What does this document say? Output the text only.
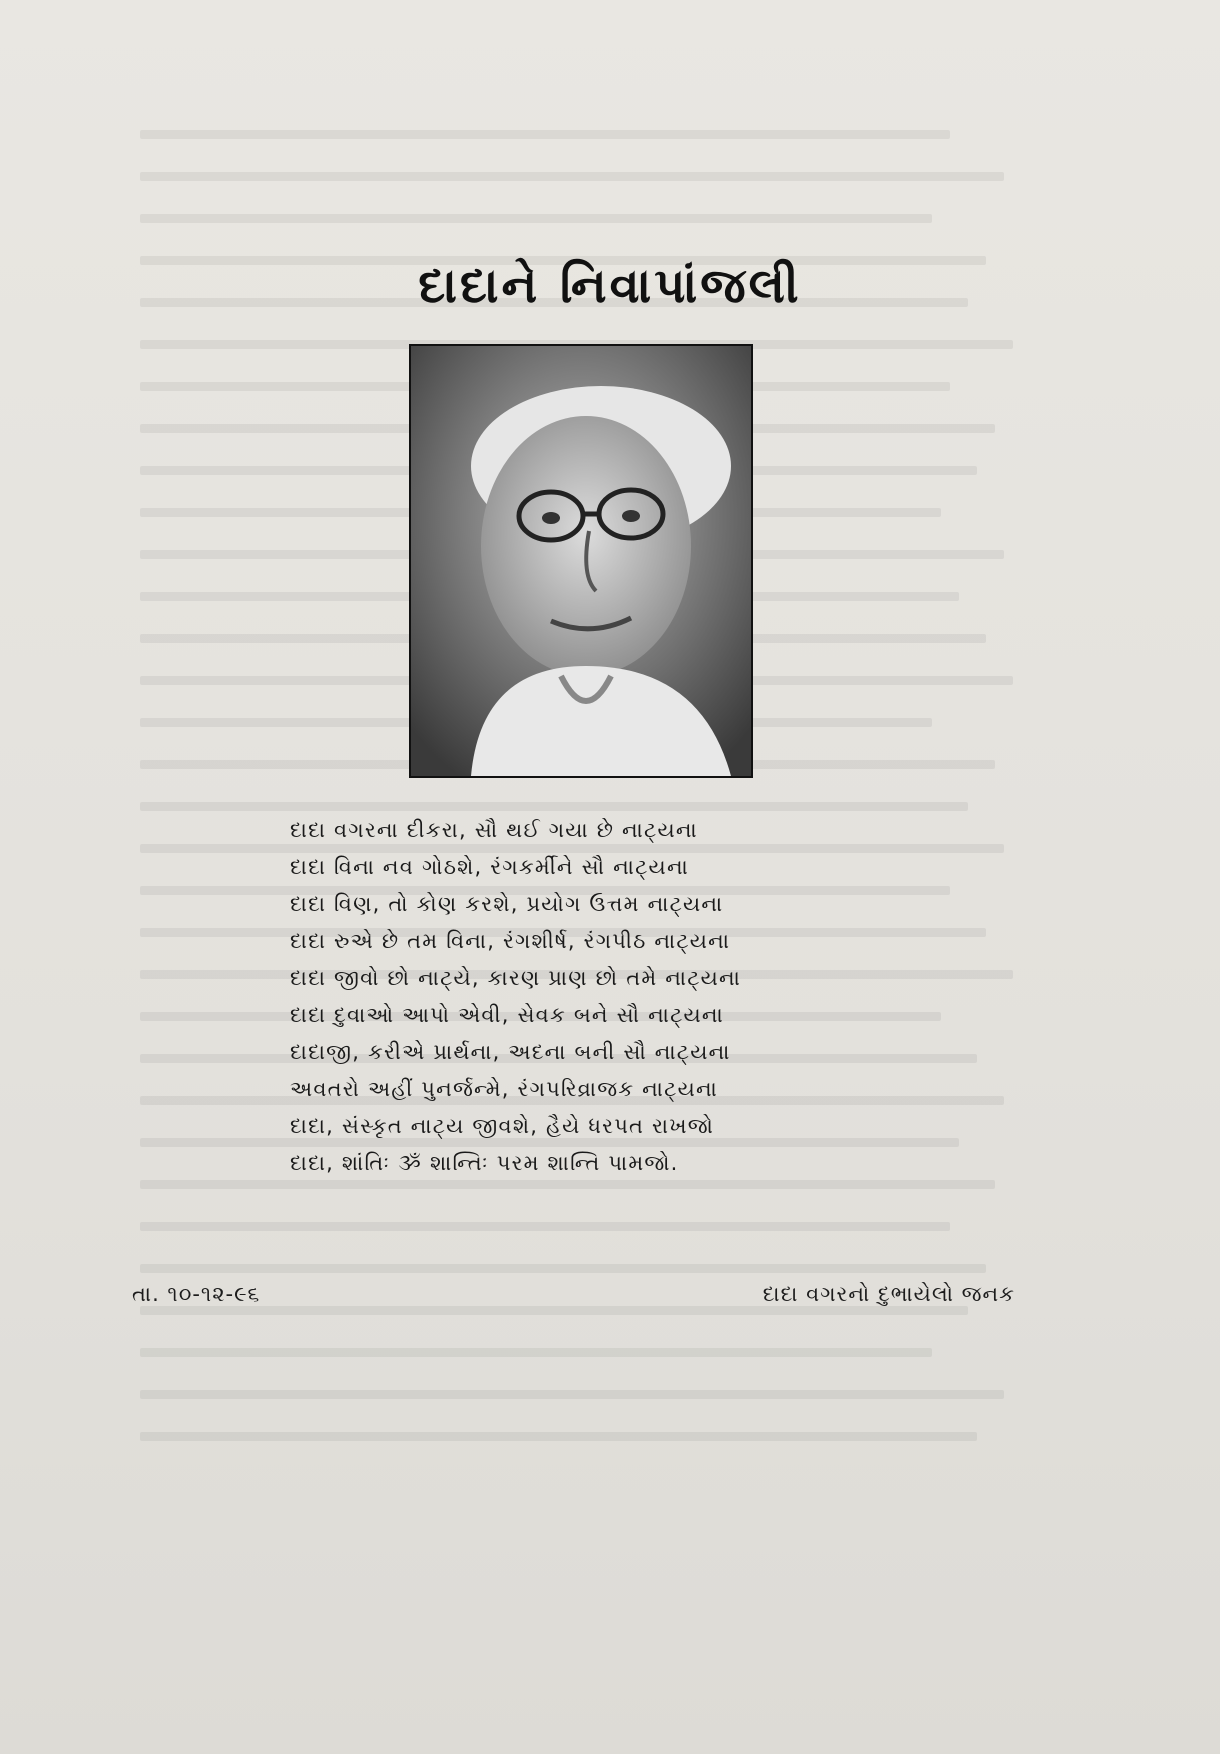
દાદાને નિવાપાંજલી
દાદા વગરના દીકરા, સૌ થઈ ગયા છે નાટ્યના
દાદા વિના નવ ગોઠશે, રંગકર્મીને સૌ નાટ્યના
દાદા વિણ, તો કોણ કરશે, પ્રયોગ ઉત્તમ નાટ્યના
દાદા રુએ છે તમ વિના, રંગશીર્ષ, રંગપીઠ નાટ્યના
દાદા જીવો છો નાટ્યે, કારણ પ્રાણ છો તમે નાટ્યના
દાદા દુવાઓ આપો એવી, સેવક બને સૌ નાટ્યના
દાદાજી, કરીએ પ્રાર્થના, અદના બની સૌ નાટ્યના
અવતરો અહીં પુનર્જન્મે, રંગપરિવ્રાજક નાટ્યના
દાદા, સંસ્કૃત નાટ્ય જીવશે, હૈયે ધરપત રાખજો
દાદા, શાંતિઃ ૐ શાન્તિઃ પરમ શાન્તિ પામજો.
તા. ૧૦-૧૨-૯૬	દાદા વગરનો દુભાયેલો જનક
